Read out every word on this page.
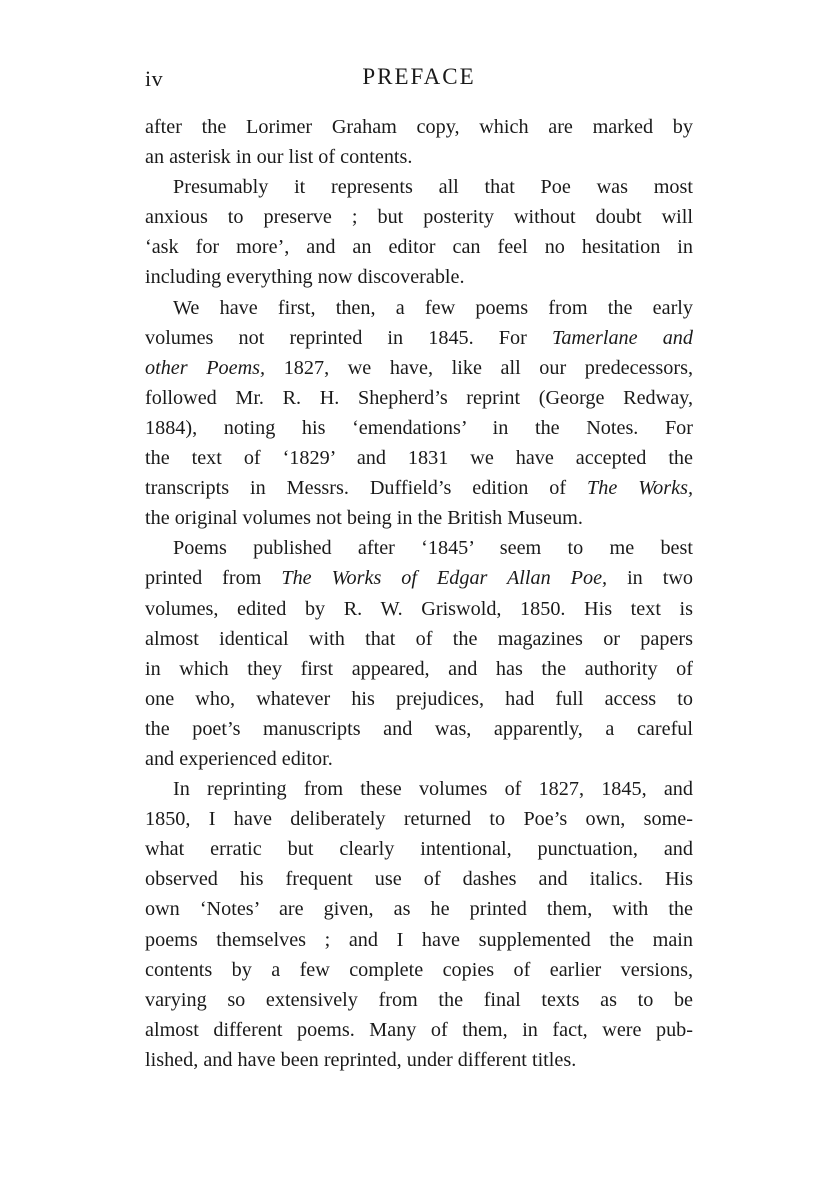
iv	PREFACE

after the Lorimer Graham copy, which are marked by
an asterisk in our list of contents.

Presumably it represents all that Poe was most
anxious to preserve ; but posterity without doubt will
‘ask for more’, and an editor can feel no hesitation in
including everything now discoverable.

We have first, then, a few poems from the early
volumes not reprinted in 1845. For Tamerlane and
other Poems, 1827, we have, like all our predecessors,
followed Mr. R. H. Shepherd’s reprint (George Redway,
1884), noting his ‘emendations’ in the Notes. For
the text of ‘1829’ and 1831 we have accepted the
transcripts in Messrs. Duffield’s edition of The Works,
the original volumes not being in the British Museum.

Poems published after ‘1845’ seem to me best
printed from The Works of Edgar Allan Poe, in two
volumes, edited by R. W. Griswold, 1850. His text is
almost identical with that of the magazines or papers
in which they first appeared, and has the authority of
one who, whatever his prejudices, had full access to
the poet’s manuscripts and was, apparently, a careful
and experienced editor.

In reprinting from these volumes of 1827, 1845, and
1850, I have deliberately returned to Poe’s own, some-
what erratic but clearly intentional, punctuation, and
observed his frequent use of dashes and italics. His
own ‘Notes’ are given, as he printed them, with the
poems themselves ; and I have supplemented the main
contents by a few complete copies of earlier versions,
varying so extensively from the final texts as to be
almost different poems. Many of them, in fact, were pub-
lished, and have been reprinted, under different titles.
